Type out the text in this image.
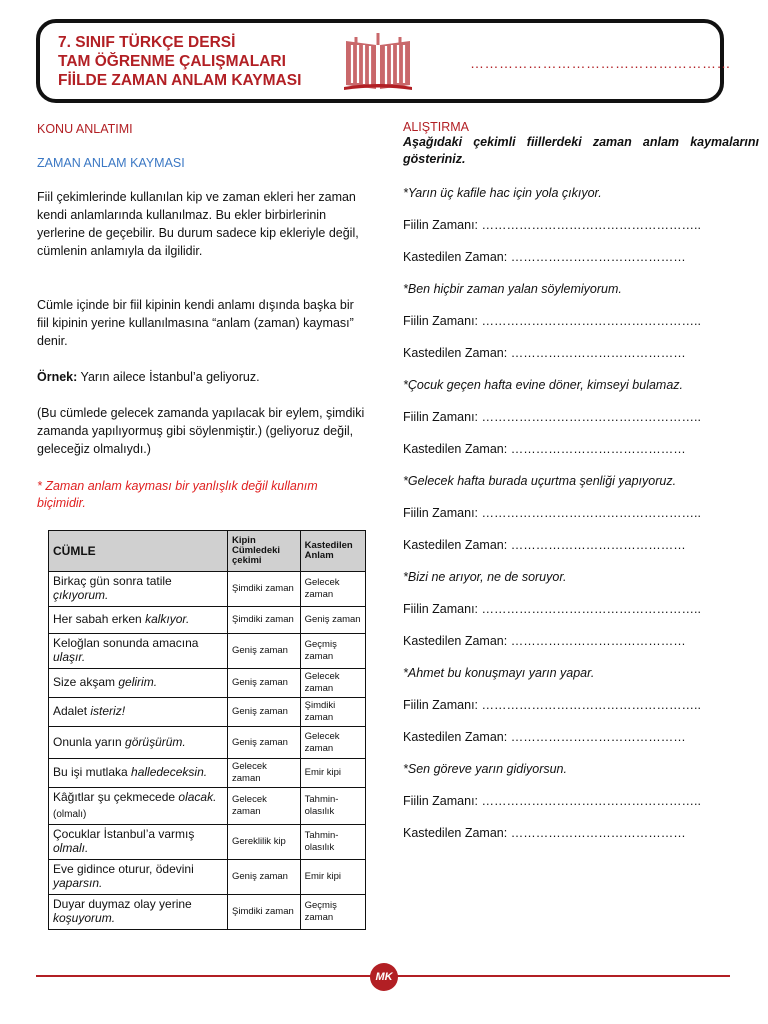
7. SINIF TÜRKÇE DERSİ
TAM ÖĞRENME ÇALIŞMALARI
FİİLDE ZAMAN ANLAM KAYMASI
………………………………………………
KONU ANLATIMI
ZAMAN ANLAM KAYMASI
Fiil çekimlerinde kullanılan kip ve zaman ekleri her zaman kendi anlamlarında kullanılmaz. Bu ekler birbirlerinin yerlerine de geçebilir. Bu durum sadece kip ekleriyle değil, cümlenin anlamıyla da ilgilidir.
Cümle içinde bir fiil kipinin kendi anlamı dışında başka bir fiil kipinin yerine kullanılmasına “anlam (zaman) kayması” denir.
Örnek: Yarın ailece İstanbul’a geliyoruz.
(Bu cümlede gelecek zamanda yapılacak bir eylem, şimdiki zamanda yapılıyormuş gibi söylenmiştir.) (geliyoruz değil, geleceğiz olmalıydı.)
* Zaman anlam kayması bir yanlışlık değil kullanım biçimidir.
CÜMLE	Kipin Cümledeki çekimi	Kastedilen Anlam
Birkaç gün sonra tatile çıkıyorum.	Şimdiki zaman	Gelecek zaman
Her sabah erken kalkıyor.	Şimdiki zaman	Geniş zaman
Keloğlan sonunda amacına ulaşır.	Geniş zaman	Geçmiş zaman
Size akşam gelirim.	Geniş zaman	Gelecek zaman
Adalet isteriz!	Geniş zaman	Şimdiki zaman
Onunla yarın görüşürüm.	Geniş zaman	Gelecek zaman
Bu işi mutlaka halledeceksin.	Gelecek zaman	Emir kipi
Kâğıtlar şu çekmecede olacak. (olmalı)	Gelecek zaman	Tahmin-olasılık
Çocuklar İstanbul’a varmış olmalı.	Gereklilik kip	Tahmin-olasılık
Eve gidince oturur, ödevini yaparsın.	Geniş zaman	Emir kipi
Duyar duymaz olay yerine koşuyorum.	Şimdiki zaman	Geçmiş zaman
ALIŞTIRMA
Aşağıdaki çekimli fiillerdeki zaman anlam kaymalarını gösteriniz.
*Yarın üç kafile hac için yola çıkıyor.
Fiilin Zamanı: ……………………………………………..
Kastedilen Zaman: ……………………………………
*Ben hiçbir zaman yalan söylemiyorum.
Fiilin Zamanı: ……………………………………………..
Kastedilen Zaman: ……………………………………
*Çocuk geçen hafta evine döner, kimseyi bulamaz.
Fiilin Zamanı: ……………………………………………..
Kastedilen Zaman: ……………………………………
*Gelecek hafta burada uçurtma şenliği yapıyoruz.
Fiilin Zamanı: ……………………………………………..
Kastedilen Zaman: ……………………………………
*Bizi ne arıyor, ne de soruyor.
Fiilin Zamanı: ……………………………………………..
Kastedilen Zaman: ……………………………………
*Ahmet bu konuşmayı yarın yapar.
Fiilin Zamanı: ……………………………………………..
Kastedilen Zaman: ……………………………………
*Sen göreve yarın gidiyorsun.
Fiilin Zamanı: ……………………………………………..
Kastedilen Zaman: ……………………………………
MK
